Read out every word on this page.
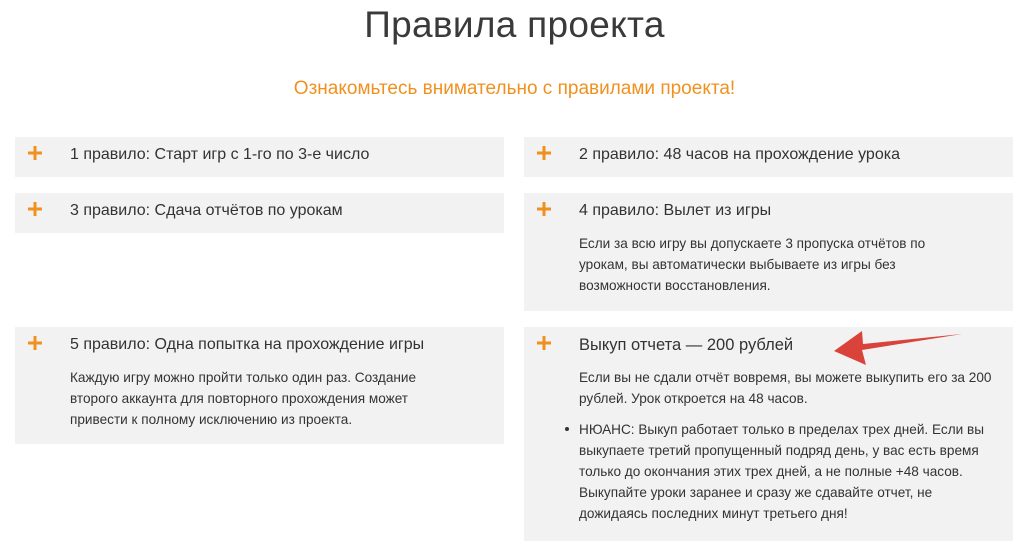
Правила проекта
Ознакомьтесь внимательно с правилами проекта!
1 правило: Старт игр с 1-го по 3-е число	2 правило: 48 часов на прохождение урока
3 правило: Сдача отчётов по урокам	4 правило: Вылет из игры
Если за всю игру вы допускаете 3 пропуска отчётов по урокам, вы автоматически выбываете из игры без возможности восстановления.
5 правило: Одна попытка на прохождение игры
Каждую игру можно пройти только один раз. Создание второго аккаунта для повторного прохождения может привести к полному исключению из проекта.
Выкуп отчета — 200 рублей
Если вы не сдали отчёт вовремя, вы можете выкупить его за 200 рублей. Урок откроется на 48 часов.
НЮАНС: Выкуп работает только в пределах трех дней. Если вы выкупаете третий пропущенный подряд день, у вас есть время только до окончания этих трех дней, а не полные +48 часов. Выкупайте уроки заранее и сразу же сдавайте отчет, не дожидаясь последних минут третьего дня!
